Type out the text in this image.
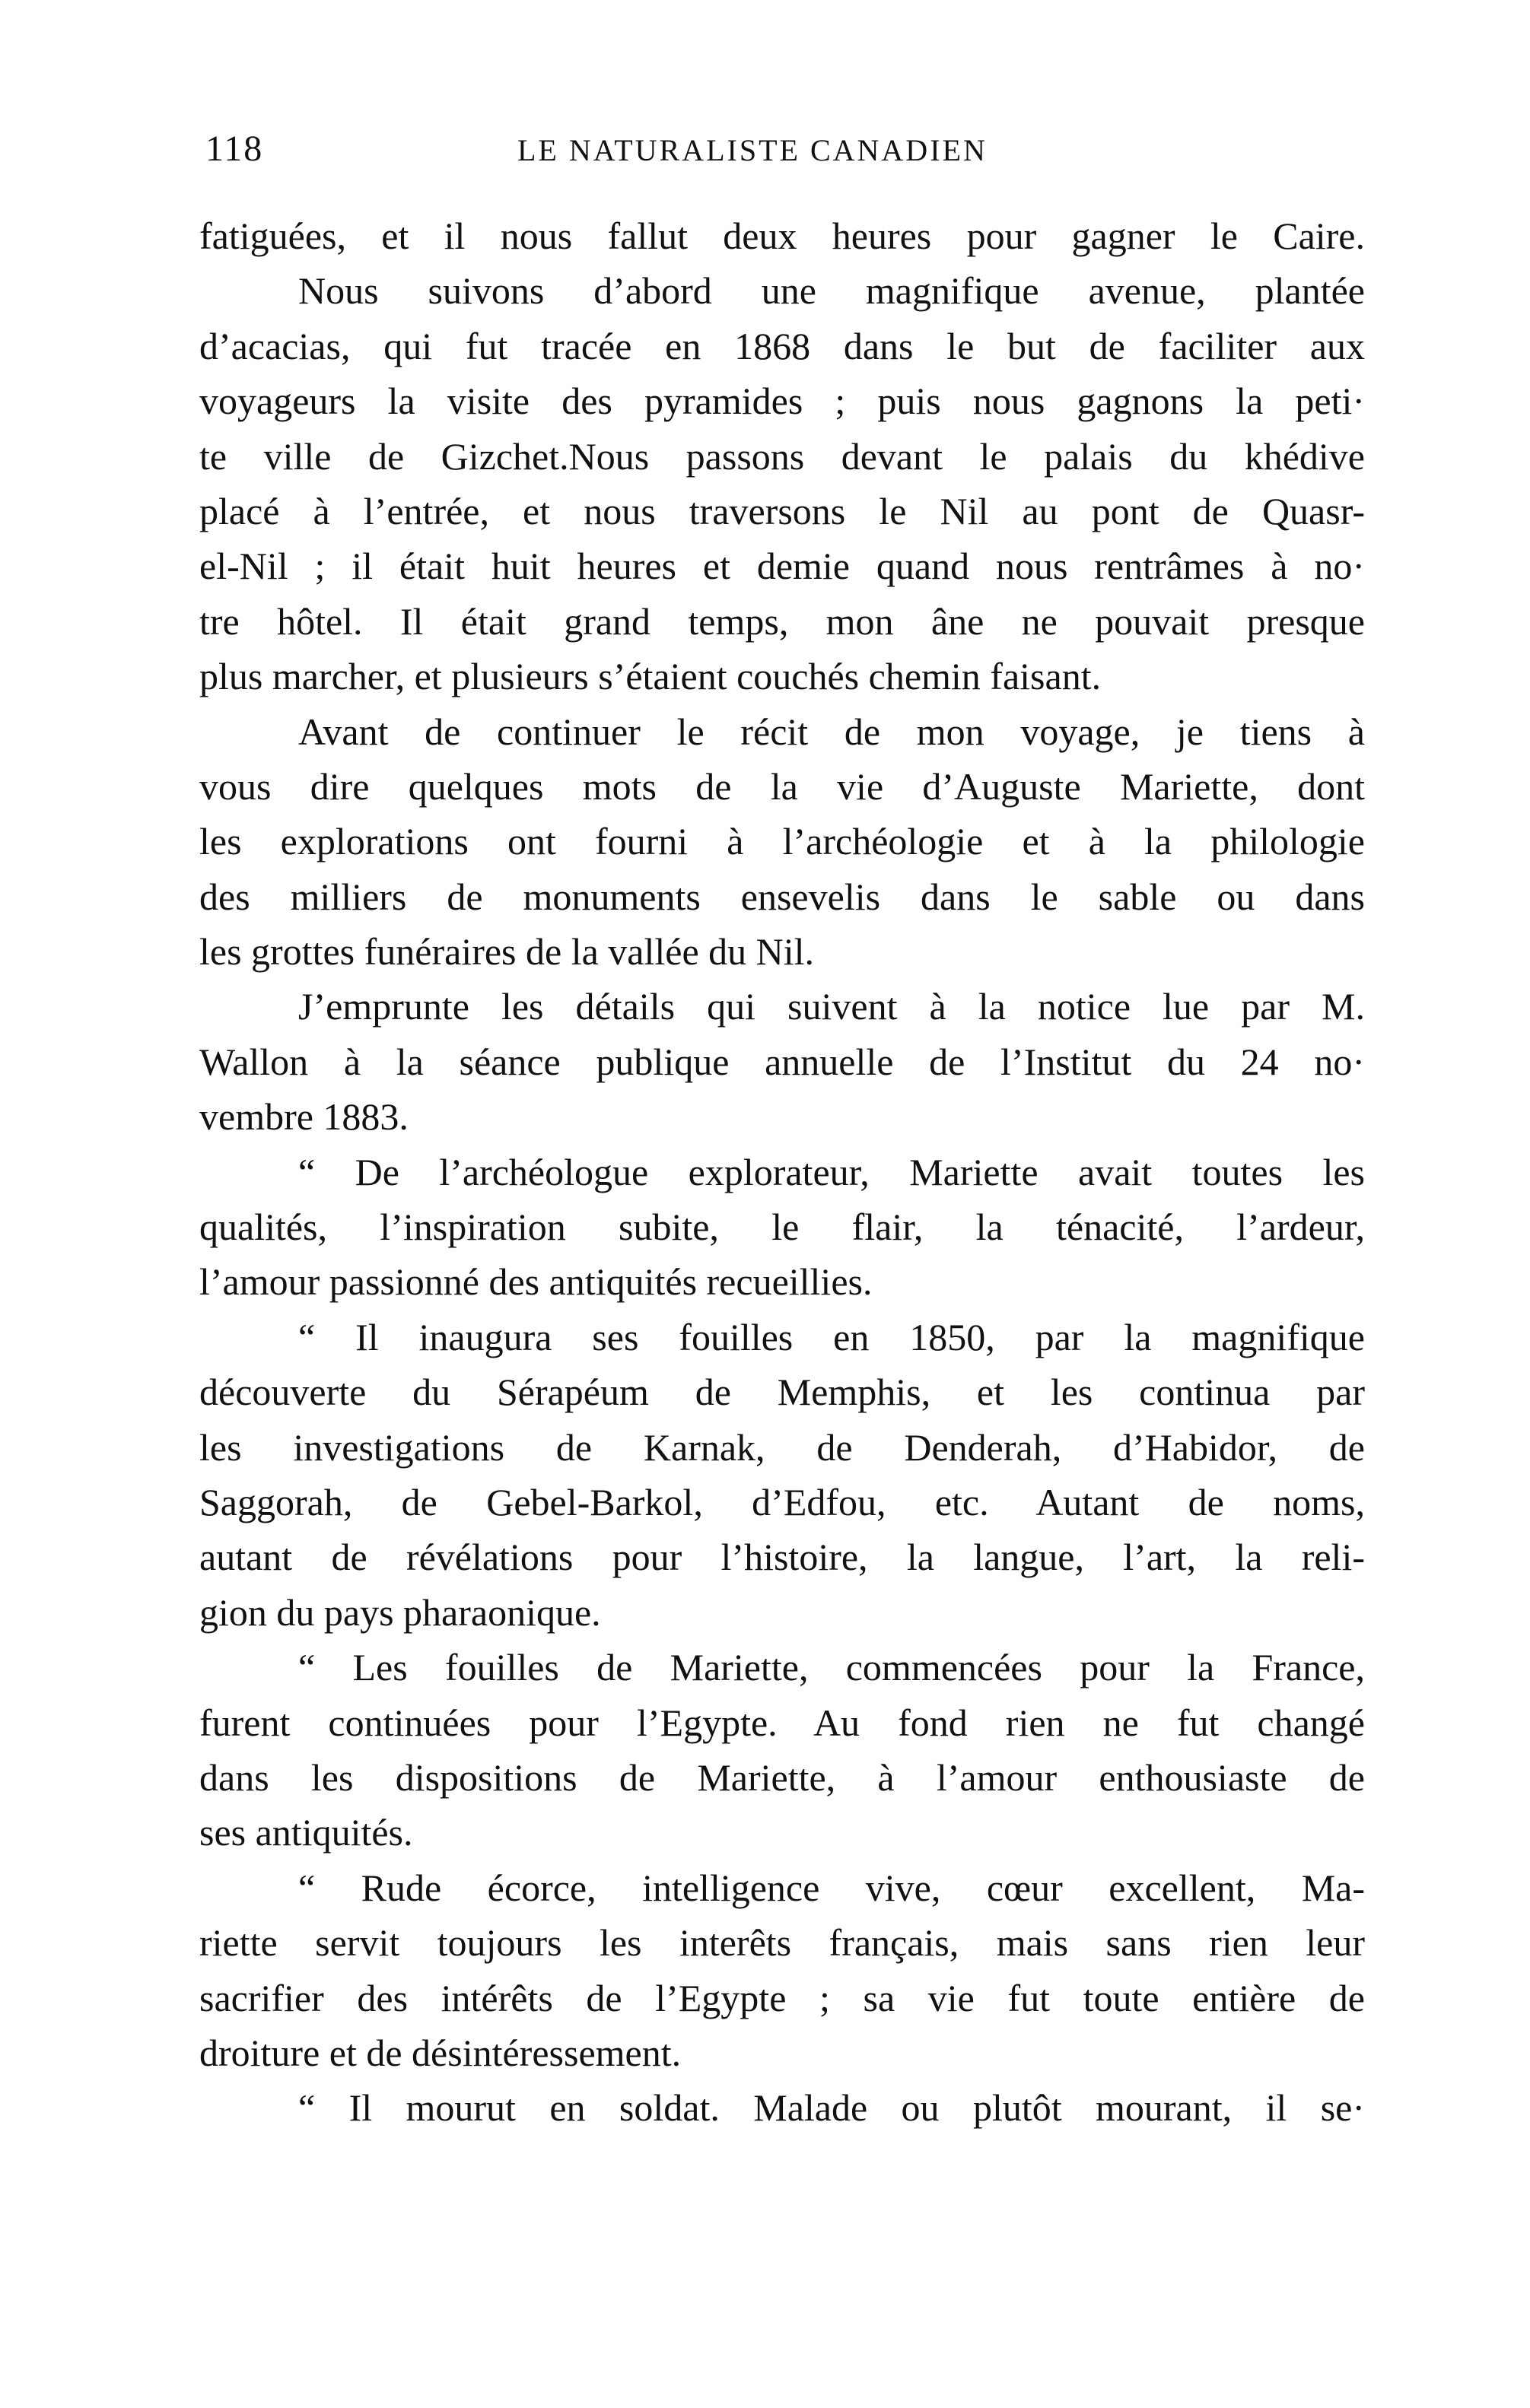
118	LE NATURALISTE CANADIEN
fatiguées, et il nous fallut deux heures pour gagner le Caire.
Nous suivons d’abord une magnifique avenue, plantée
d’acacias, qui fut tracée en 1868 dans le but de faciliter aux
voyageurs la visite des pyramides ; puis nous gagnons la peti·
te ville de Gizchet.Nous passons devant le palais du khédive
placé à l’entrée, et nous traversons le Nil au pont de Quasr-
el-Nil ; il était huit heures et demie quand nous rentrâmes à no·
tre hôtel. Il était grand temps, mon âne ne pouvait presque
plus marcher, et plusieurs s’étaient couchés chemin faisant.
Avant de continuer le récit de mon voyage, je tiens à
vous dire quelques mots de la vie d’Auguste Mariette, dont
les explorations ont fourni à l’archéologie et à la philologie
des milliers de monuments ensevelis dans le sable ou dans
les grottes funéraires de la vallée du Nil.
J’emprunte les détails qui suivent à la notice lue par M.
Wallon à la séance publique annuelle de l’Institut du 24 no·
vembre 1883.
“ De l’archéologue explorateur, Mariette avait toutes les
qualités, l’inspiration subite, le flair, la ténacité, l’ardeur,
l’amour passionné des antiquités recueillies.
“ Il inaugura ses fouilles en 1850, par la magnifique
découverte du Sérapéum de Memphis, et les continua par
les investigations de Karnak, de Denderah, d’Habidor, de
Saggorah, de Gebel-Barkol, d’Edfou, etc. Autant de noms,
autant de révélations pour l’histoire, la langue, l’art, la reli-
gion du pays pharaonique.
“ Les fouilles de Mariette, commencées pour la France,
furent continuées pour l’Egypte. Au fond rien ne fut changé
dans les dispositions de Mariette, à l’amour enthousiaste de
ses antiquités.
“ Rude écorce, intelligence vive, cœur excellent, Ma-
riette servit toujours les interêts français, mais sans rien leur
sacrifier des intérêts de l’Egypte ; sa vie fut toute entière de
droiture et de désintéressement.
“ Il mourut en soldat. Malade ou plutôt mourant, il se·
